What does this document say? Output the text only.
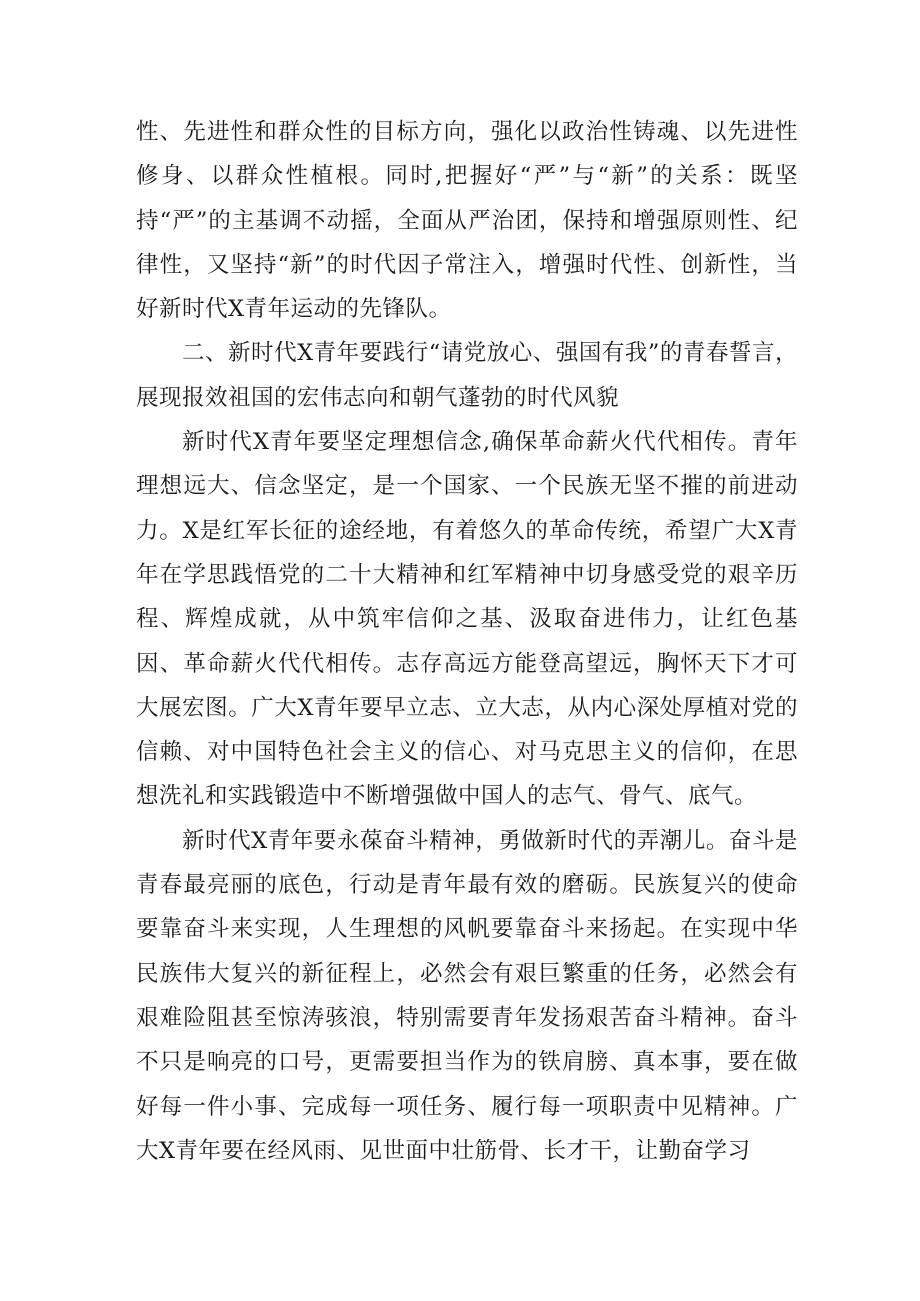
性、先进性和群众性的目标方向，强化以政治性铸魂、以先进性修身、以群众性植根。同时,把握好“严”与“新”的关系：既坚持“严”的主基调不动摇，全面从严治团，保持和增强原则性、纪律性，又坚持“新”的时代因子常注入，增强时代性、创新性，当好新时代X青年运动的先锋队。

二、新时代X青年要践行“请党放心、强国有我”的青春誓言，展现报效祖国的宏伟志向和朝气蓬勃的时代风貌

新时代X青年要坚定理想信念,确保革命薪火代代相传。青年理想远大、信念坚定，是一个国家、一个民族无坚不摧的前进动力。X是红军长征的途经地，有着悠久的革命传统，希望广大X青年在学思践悟党的二十大精神和红军精神中切身感受党的艰辛历程、辉煌成就，从中筑牢信仰之基、汲取奋进伟力，让红色基因、革命薪火代代相传。志存高远方能登高望远，胸怀天下才可大展宏图。广大X青年要早立志、立大志，从内心深处厚植对党的信赖、对中国特色社会主义的信心、对马克思主义的信仰，在思想洗礼和实践锻造中不断增强做中国人的志气、骨气、底气。

新时代X青年要永葆奋斗精神，勇做新时代的弄潮儿。奋斗是青春最亮丽的底色，行动是青年最有效的磨砺。民族复兴的使命要靠奋斗来实现，人生理想的风帆要靠奋斗来扬起。在实现中华民族伟大复兴的新征程上，必然会有艰巨繁重的任务，必然会有艰难险阻甚至惊涛骇浪，特别需要青年发扬艰苦奋斗精神。奋斗不只是响亮的口号，更需要担当作为的铁肩膀、真本事，要在做好每一件小事、完成每一项任务、履行每一项职责中见精神。广大X青年要在经风雨、见世面中壮筋骨、长才干，让勤奋学习
